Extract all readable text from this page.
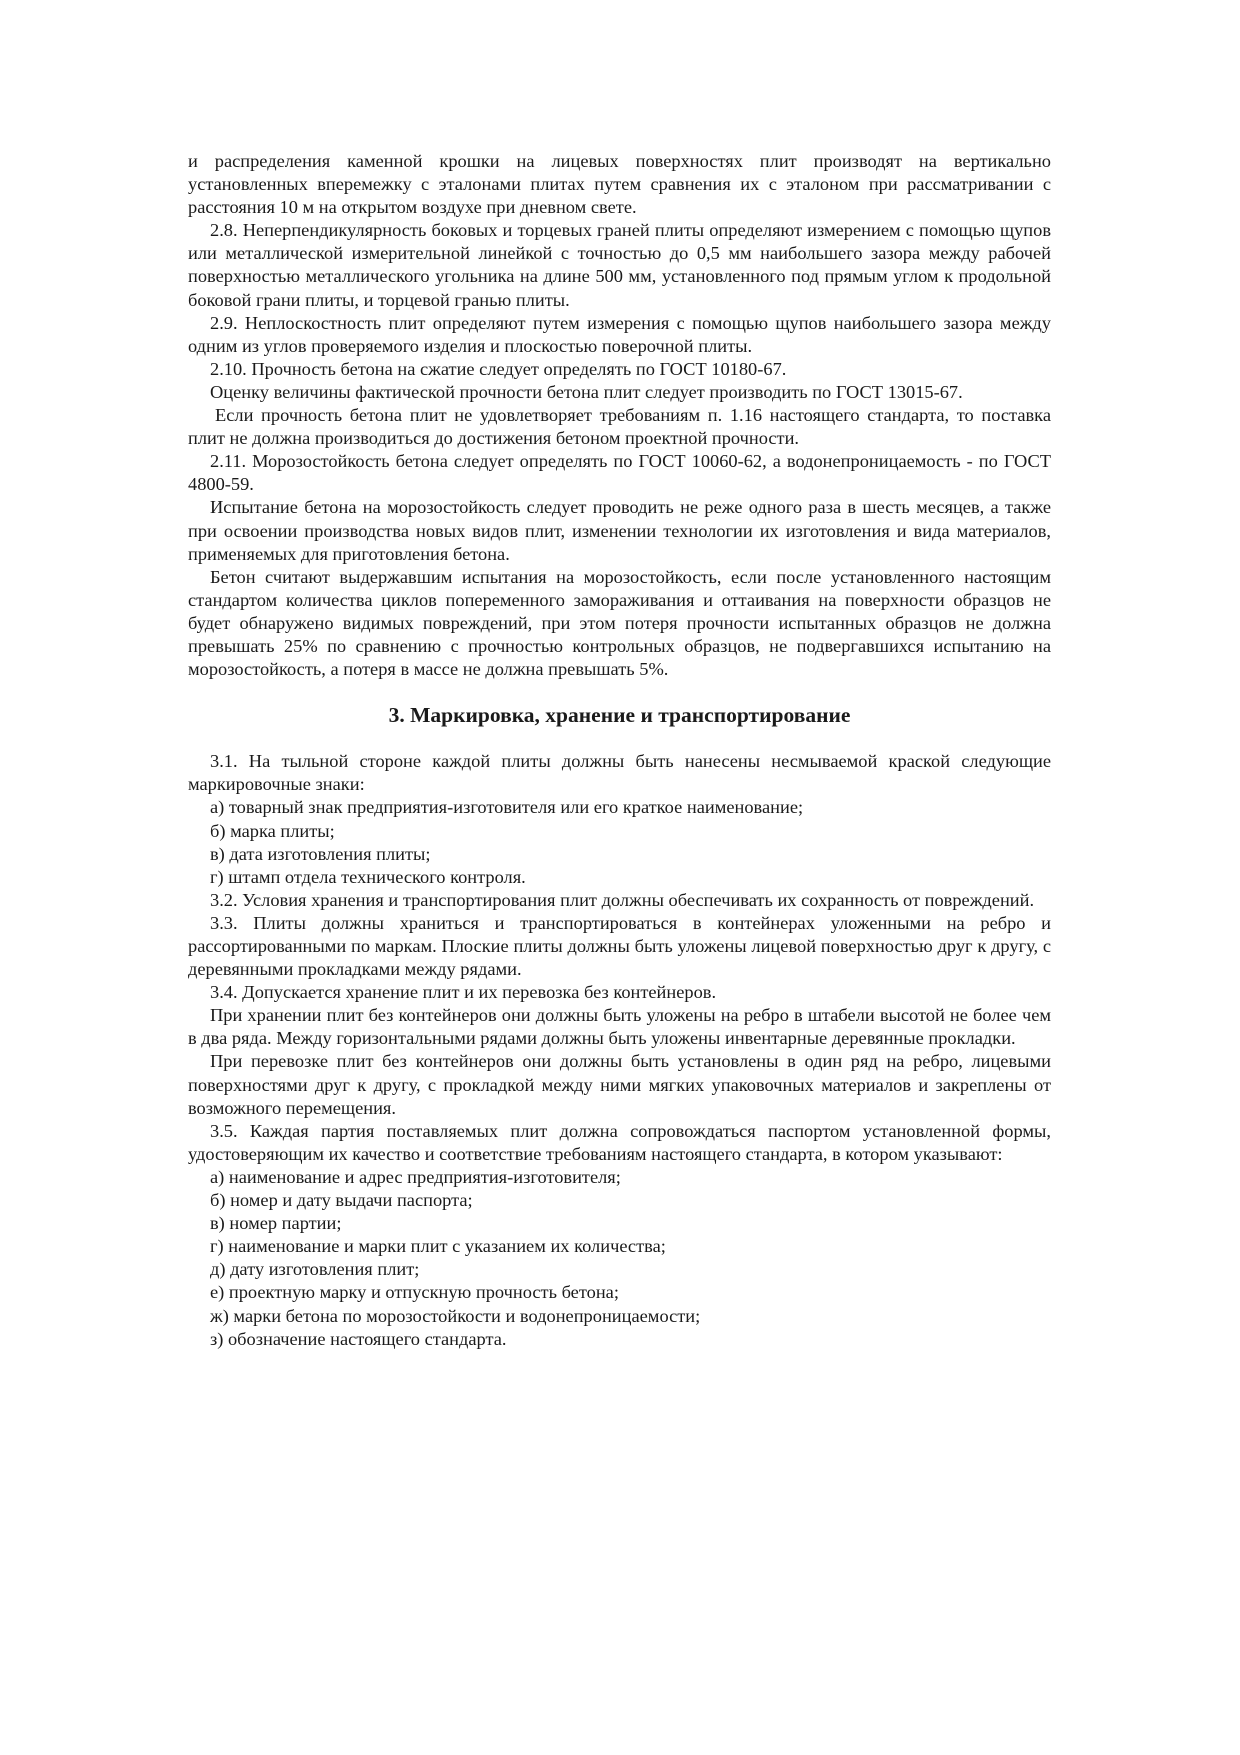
и распределения каменной крошки на лицевых поверхностях плит производят на вертикально установленных вперемежку с эталонами плитах путем сравнения их с эталоном при рассматривании с расстояния 10 м на открытом воздухе при дневном свете.

2.8. Неперпендикулярность боковых и торцевых граней плиты определяют измерением с помощью щупов или металлической измерительной линейкой с точностью до 0,5 мм наибольшего зазора между рабочей поверхностью металлического угольника на длине 500 мм, установленного под прямым углом к продольной боковой грани плиты, и торцевой гранью плиты.

2.9. Неплоскостность плит определяют путем измерения с помощью щупов наибольшего зазора между одним из углов проверяемого изделия и плоскостью поверочной плиты.

2.10. Прочность бетона на сжатие следует определять по ГОСТ 10180-67.

Оценку величины фактической прочности бетона плит следует производить по ГОСТ 13015-67.

Если прочность бетона плит не удовлетворяет требованиям п. 1.16 настоящего стандарта, то поставка плит не должна производиться до достижения бетоном проектной прочности.

2.11. Морозостойкость бетона следует определять по ГОСТ 10060-62, а водонепроницаемость - по ГОСТ 4800-59.

Испытание бетона на морозостойкость следует проводить не реже одного раза в шесть месяцев, а также при освоении производства новых видов плит, изменении технологии их изготовления и вида материалов, применяемых для приготовления бетона.

Бетон считают выдержавшим испытания на морозостойкость, если после установленного настоящим стандартом количества циклов попеременного замораживания и оттаивания на поверхности образцов не будет обнаружено видимых повреждений, при этом потеря прочности испытанных образцов не должна превышать 25% по сравнению с прочностью контрольных образцов, не подвергавшихся испытанию на морозостойкость, а потеря в массе не должна превышать 5%.

3. Маркировка, хранение и транспортирование

3.1. На тыльной стороне каждой плиты должны быть нанесены несмываемой краской следующие маркировочные знаки:

а) товарный знак предприятия-изготовителя или его краткое наименование;

б) марка плиты;

в) дата изготовления плиты;

г) штамп отдела технического контроля.

3.2. Условия хранения и транспортирования плит должны обеспечивать их сохранность от повреждений.

3.3. Плиты должны храниться и транспортироваться в контейнерах уложенными на ребро и рассортированными по маркам. Плоские плиты должны быть уложены лицевой поверхностью друг к другу, с деревянными прокладками между рядами.

3.4. Допускается хранение плит и их перевозка без контейнеров.

При хранении плит без контейнеров они должны быть уложены на ребро в штабели высотой не более чем в два ряда. Между горизонтальными рядами должны быть уложены инвентарные деревянные прокладки.

При перевозке плит без контейнеров они должны быть установлены в один ряд на ребро, лицевыми поверхностями друг к другу, с прокладкой между ними мягких упаковочных материалов и закреплены от возможного перемещения.

3.5. Каждая партия поставляемых плит должна сопровождаться паспортом установленной формы, удостоверяющим их качество и соответствие требованиям настоящего стандарта, в котором указывают:

а) наименование и адрес предприятия-изготовителя;

б) номер и дату выдачи паспорта;

в) номер партии;

г) наименование и марки плит с указанием их количества;

д) дату изготовления плит;

е) проектную марку и отпускную прочность бетона;

ж) марки бетона по морозостойкости и водонепроницаемости;

з) обозначение настоящего стандарта.
